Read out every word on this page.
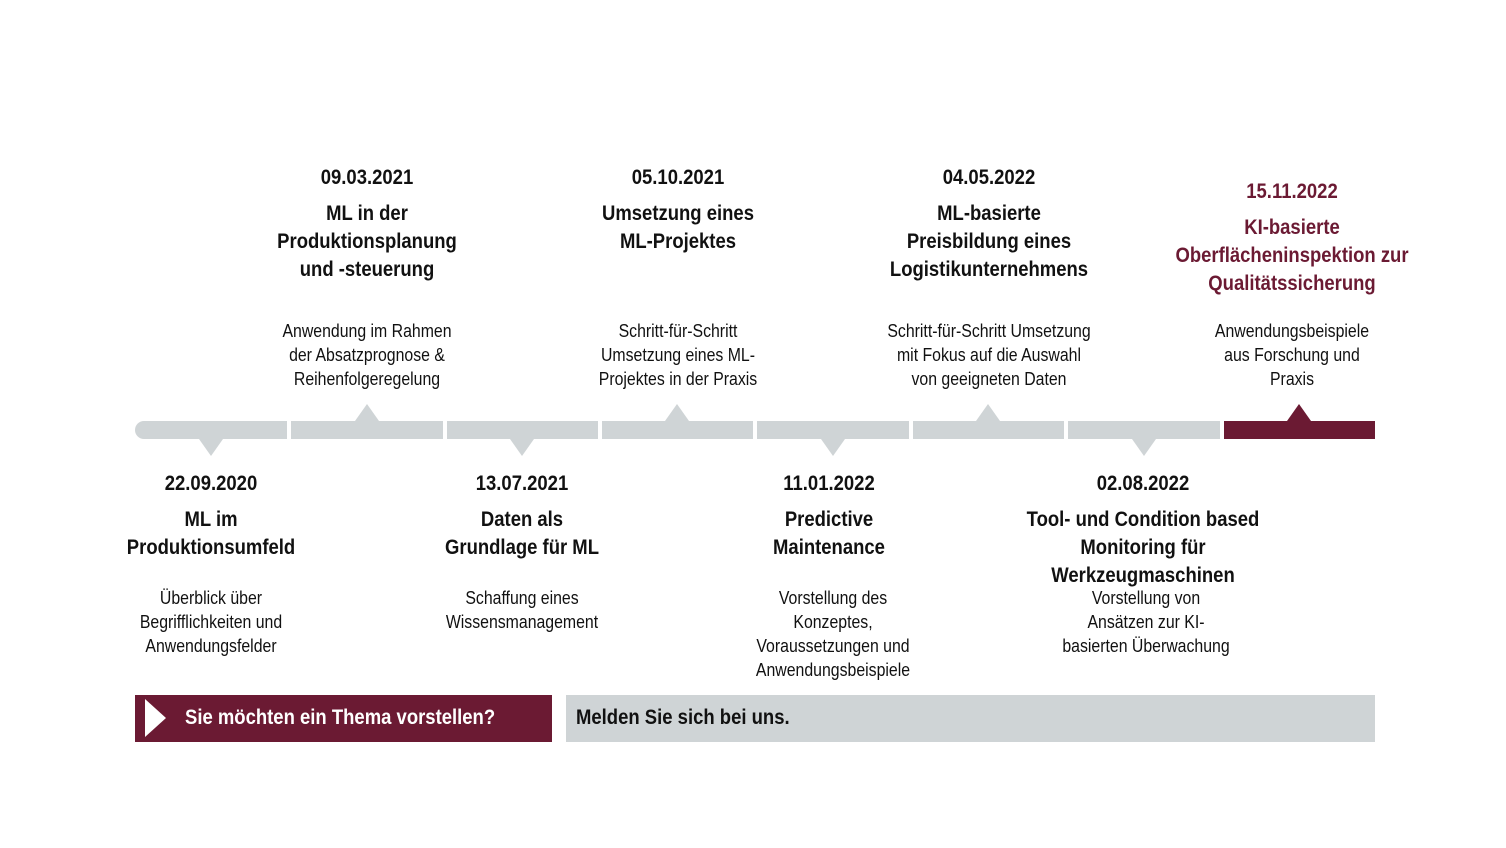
09.03.2021
ML in der
Produktionsplanung
und -steuerung
Anwendung im Rahmen
der Absatzprognose &
Reihenfolgeregelung
05.10.2021
Umsetzung eines
ML-Projektes
Schritt-für-Schritt
Umsetzung eines ML-
Projektes in der Praxis
04.05.2022
ML-basierte
Preisbildung eines
Logistikunternehmens
Schritt-für-Schritt Umsetzung
mit Fokus auf die Auswahl
von geeigneten Daten
15.11.2022
KI-basierte
Oberflächeninspektion zur
Qualitätssicherung
Anwendungsbeispiele
aus Forschung und
Praxis
22.09.2020
ML im
Produktionsumfeld
Überblick über
Begrifflichkeiten und
Anwendungsfelder
13.07.2021
Daten als
Grundlage für ML
Schaffung eines
Wissensmanagement
11.01.2022
Predictive
Maintenance
Vorstellung des
Konzeptes,
Voraussetzungen und
Anwendungsbeispiele
02.08.2022
Tool- und Condition based
Monitoring für Werkzeugmaschinen
Vorstellung von
Ansätzen zur KI-
basierten Überwachung
Sie möchten ein Thema vorstellen?	Melden Sie sich bei uns.
